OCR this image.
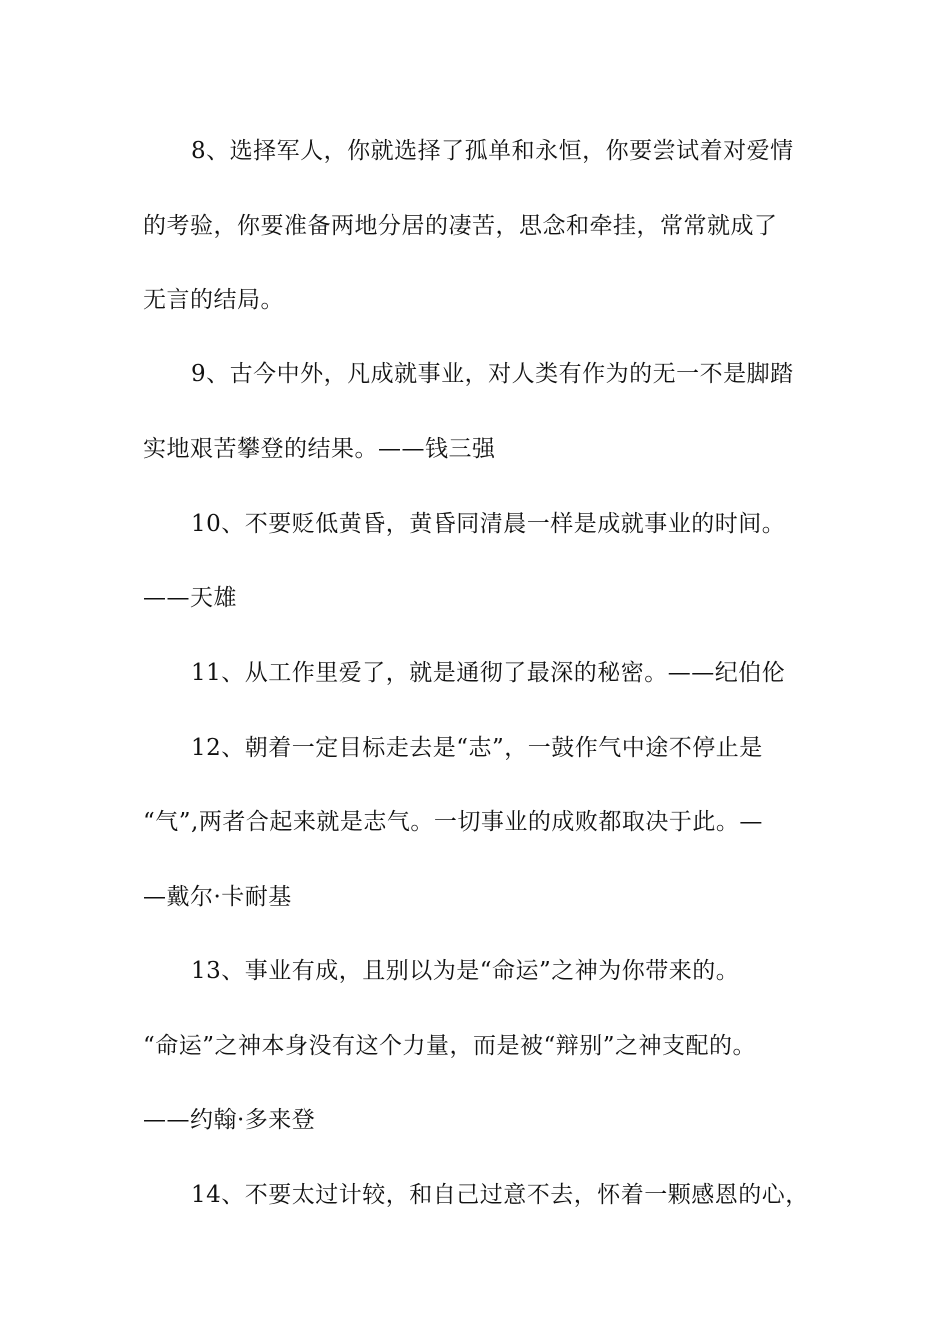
8、选择军人，你就选择了孤单和永恒，你要尝试着对爱情
的考验，你要准备两地分居的凄苦，思念和牵挂，常常就成了
无言的结局。
9、古今中外，凡成就事业，对人类有作为的无一不是脚踏
实地艰苦攀登的结果。——钱三强
10、不要贬低黄昏，黄昏同清晨一样是成就事业的时间。
——天雄
11、从工作里爱了，就是通彻了最深的秘密。——纪伯伦
12、朝着一定目标走去是“志”，一鼓作气中途不停止是
“气”,两者合起来就是志气。一切事业的成败都取决于此。—
—戴尔·卡耐基
13、事业有成，且别以为是“命运”之神为你带来的。
“命运”之神本身没有这个力量，而是被“辩别”之神支配的。
——约翰·多来登
14、不要太过计较，和自己过意不去，怀着一颗感恩的心，
